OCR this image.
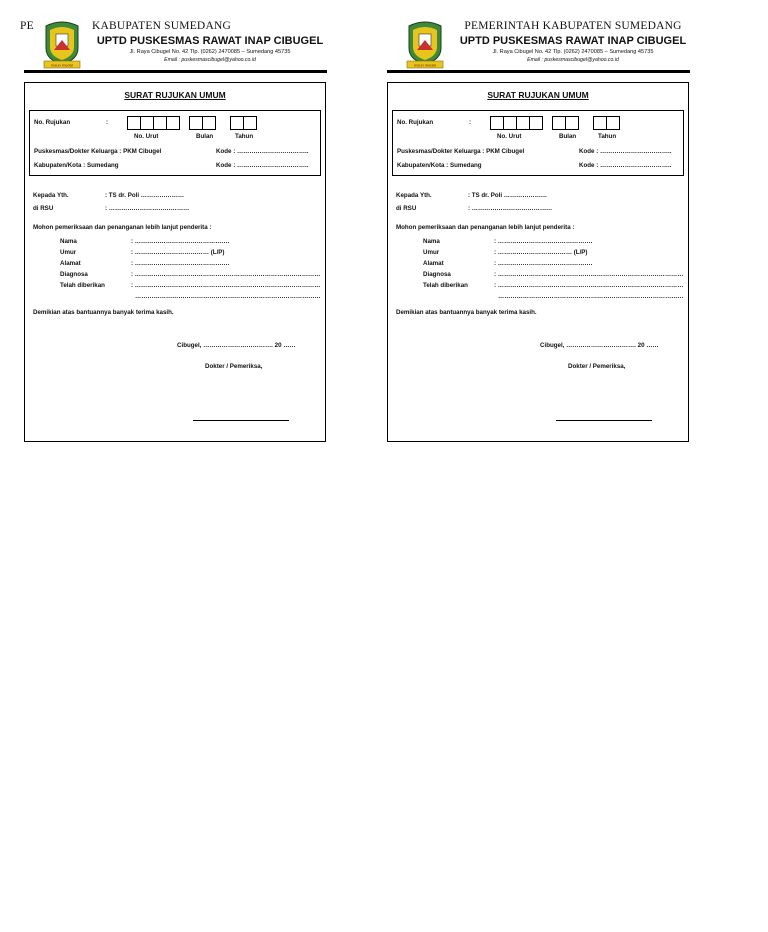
PE	KABUPATEN SUMEDANG
insun medal
UPTD PUSKESMAS RAWAT INAP CIBUGEL
Jl. Raya Cibugel No. 42 Tlp. (0262) 2470085 – Sumedang 45735
Email : puskesmascibugel@yahoo.co.id
SURAT RUJUKAN UMUM
No. Rujukan	:
No. Urut	Bulan	Tahun
Puskesmas/Dokter Keluarga : PKM Cibugel	Kode : ……………………………..
Kabupaten/Kota : Sumedang	Kode : ……………………………..
Kepada Yth.	: TS dr. Poli …………………
di RSU	: …………………………………
Mohon pemeriksaan dan penanganan lebih lanjut penderita :
Nama	: ……………………………………….
Umur	: ……………………………… (L/P)
Alamat	: ……………………………………….
Diagnosa	: ………………………………………………………………………………
Telah diberikan	: ………………………………………………………………………………
………………………………………………………………………………
Demikian atas bantuannya banyak terima kasih.
Cibugel, ……………………………. 20 ……
Dokter / Pemeriksa,
insun medal
PEMERINTAH KABUPATEN SUMEDANG
UPTD PUSKESMAS RAWAT INAP CIBUGEL
Jl. Raya Cibugel No. 42 Tlp. (0262) 2470085 – Sumedang 45735
Email : puskesmascibugel@yahoo.co.id
SURAT RUJUKAN UMUM
No. Rujukan	:
No. Urut	Bulan	Tahun
Puskesmas/Dokter Keluarga : PKM Cibugel	Kode : ……………………………..
Kabupaten/Kota : Sumedang	Kode : ……………………………..
Kepada Yth.	: TS dr. Poli …………………
di RSU	: …………………………………
Mohon pemeriksaan dan penanganan lebih lanjut penderita :
Nama	: ……………………………………….
Umur	: ……………………………… (L/P)
Alamat	: ……………………………………….
Diagnosa	: ………………………………………………………………………………
Telah diberikan	: ………………………………………………………………………………
………………………………………………………………………………
Demikian atas bantuannya banyak terima kasih.
Cibugel, ……………………………. 20 ……
Dokter / Pemeriksa,
